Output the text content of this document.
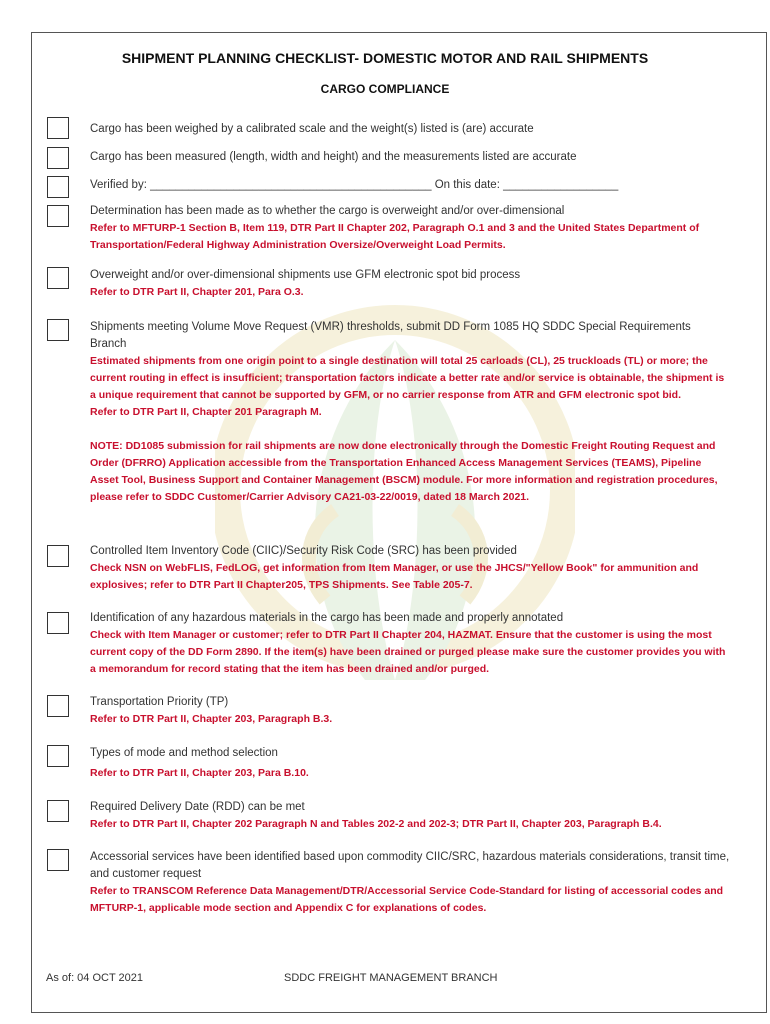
SHIPMENT PLANNING CHECKLIST- DOMESTIC MOTOR AND RAIL SHIPMENTS
CARGO COMPLIANCE
Cargo has been weighed by a calibrated scale and the weight(s) listed is (are) accurate
Cargo has been measured (length, width and height) and the measurements listed are accurate
Verified by: ____________________________________________ On this date: __________________
Determination has been made as to whether the cargo is overweight and/or over-dimensional
Refer to MFTURP-1 Section B, Item 119, DTR Part II Chapter 202, Paragraph O.1 and 3 and the United States Department of Transportation/Federal Highway Administration Oversize/Overweight Load Permits.
Overweight and/or over-dimensional shipments use GFM electronic spot bid process
Refer to DTR Part II, Chapter 201, Para O.3.
Shipments meeting Volume Move Request (VMR) thresholds, submit DD Form 1085 HQ SDDC Special Requirements Branch
Estimated shipments from one origin point to a single destination will total 25 carloads (CL), 25 truckloads (TL) or more; the current routing in effect is insufficient; transportation factors indicate a better rate and/or service is obtainable, the shipment is a unique requirement that cannot be supported by GFM, or no carrier response from ATR and GFM electronic spot bid.
Refer to DTR Part II, Chapter 201 Paragraph M.
NOTE: DD1085 submission for rail shipments are now done electronically through the Domestic Freight Routing Request and Order (DFRRO) Application accessible from the Transportation Enhanced Access Management Services (TEAMS), Pipeline Asset Tool, Business Support and Container Management (BSCM) module. For more information and registration procedures, please refer to SDDC Customer/Carrier Advisory CA21-03-22/0019, dated 18 March 2021.
Controlled Item Inventory Code (CIIC)/Security Risk Code (SRC) has been provided
Check NSN on WebFLIS, FedLOG, get information from Item Manager, or use the JHCS/"Yellow Book" for ammunition and explosives; refer to DTR Part II Chapter205, TPS Shipments. See Table 205-7.
Identification of any hazardous materials in the cargo has been made and properly annotated
Check with Item Manager or customer; refer to DTR Part II Chapter 204, HAZMAT. Ensure that the customer is using the most current copy of the DD Form 2890. If the item(s) have been drained or purged please make sure the customer provides you with a memorandum for record stating that the item has been drained and/or purged.
Transportation Priority (TP)
Refer to DTR Part II, Chapter 203, Paragraph B.3.
Types of mode and method selection
Refer to DTR Part II, Chapter 203, Para B.10.
Required Delivery Date (RDD) can be met
Refer to DTR Part II, Chapter 202 Paragraph N and Tables 202-2 and 202-3; DTR Part II, Chapter 203, Paragraph B.4.
Accessorial services have been identified based upon commodity CIIC/SRC, hazardous materials considerations, transit time, and customer request
Refer to TRANSCOM Reference Data Management/DTR/Accessorial Service Code-Standard for listing of accessorial codes and MFTURP-1, applicable mode section and Appendix C for explanations of codes.
As of: 04 OCT 2021	SDDC FREIGHT MANAGEMENT BRANCH
